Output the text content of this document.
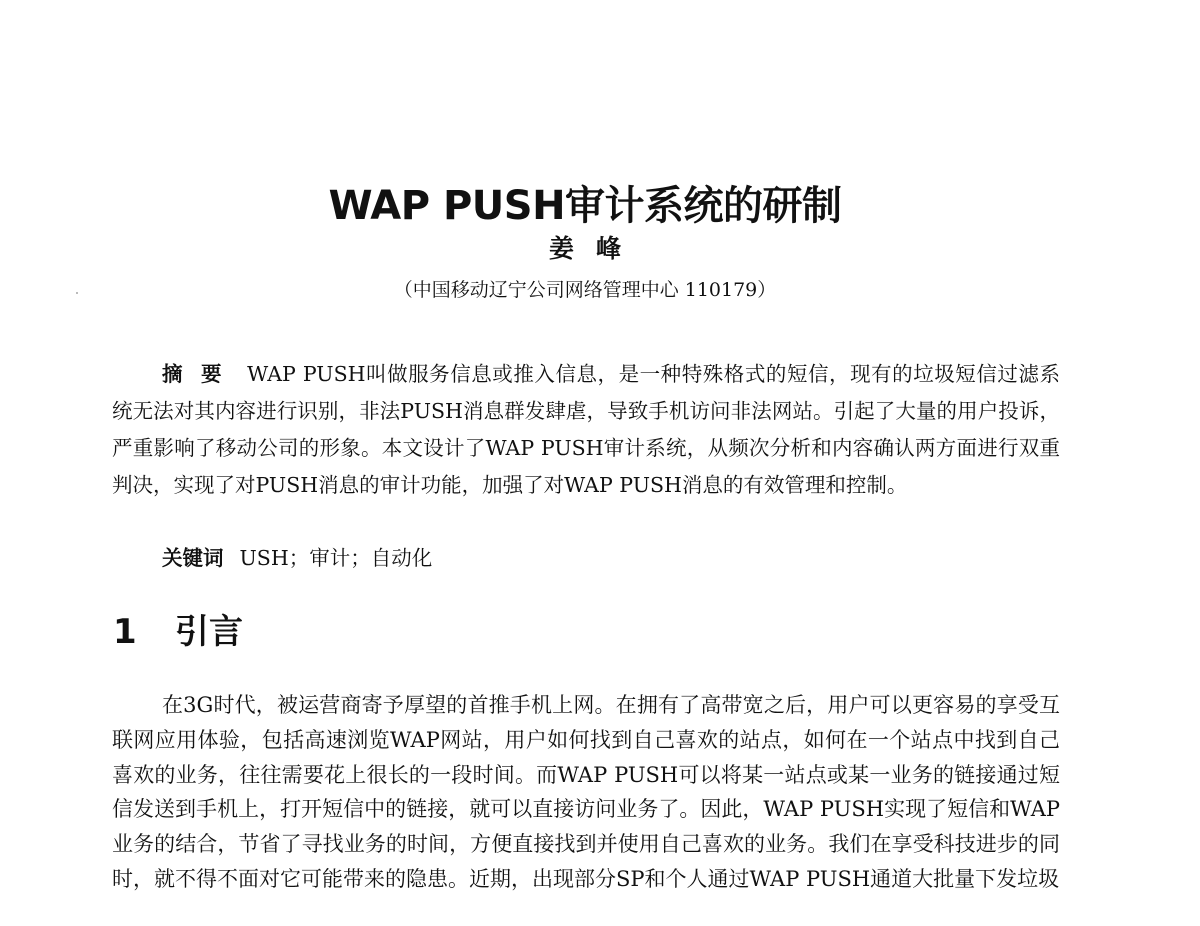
WAP PUSH审计系统的研制
姜峰
（中国移动辽宁公司网络管理中心 110179）

摘要 WAP PUSH叫做服务信息或推入信息，是一种特殊格式的短信，现有的垃圾短信过滤系统无法对其内容进行识别，非法PUSH消息群发肆虐，导致手机访问非法网站。引起了大量的用户投诉，严重影响了移动公司的形象。本文设计了WAP PUSH审计系统，从频次分析和内容确认两方面进行双重判决，实现了对PUSH消息的审计功能，加强了对WAP PUSH消息的有效管理和控制。

关键词 USH；审计；自动化

1 引言

在3G时代，被运营商寄予厚望的首推手机上网。在拥有了高带宽之后，用户可以更容易的享受互联网应用体验，包括高速浏览WAP网站，用户如何找到自己喜欢的站点，如何在一个站点中找到自己喜欢的业务，往往需要花上很长的一段时间。而WAP PUSH可以将某一站点或某一业务的链接通过短信发送到手机上，打开短信中的链接，就可以直接访问业务了。因此，WAP PUSH实现了短信和WAP业务的结合，节省了寻找业务的时间，方便直接找到并使用自己喜欢的业务。我们在享受科技进步的同时，就不得不面对它可能带来的隐患。近期，出现部分SP和个人通过WAP PUSH通道大批量下发垃圾
